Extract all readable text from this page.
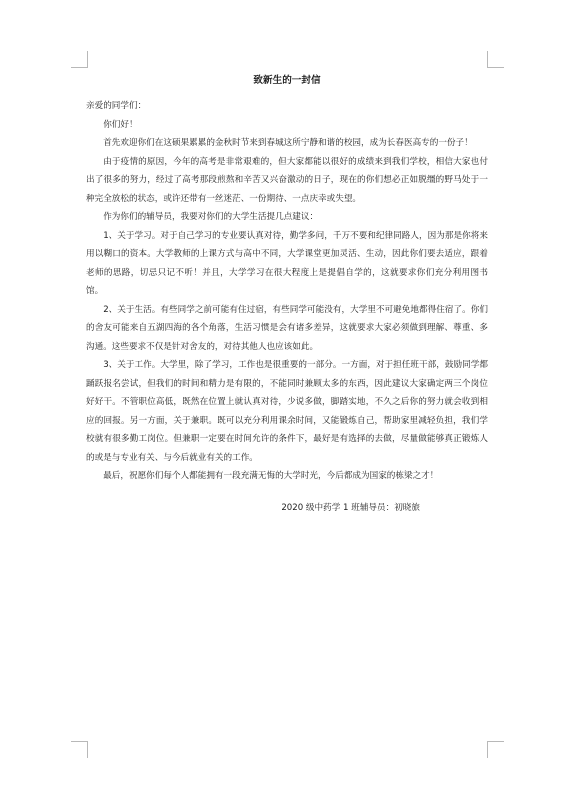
致新生的一封信

亲爱的同学们：

你们好！

首先欢迎你们在这硕果累累的金秋时节来到春城这所宁静和谐的校园，成为长春医高专的一份子！

由于疫情的原因，今年的高考是非常艰难的，但大家都能以很好的成绩来到我们学校，相信大家也付出了很多的努力，经过了高考那段煎熬和辛苦又兴奋激动的日子，现在的你们想必正如脱缰的野马处于一种完全放松的状态，或许还带有一丝迷茫、一份期待、一点庆幸或失望。

作为你们的辅导员，我要对你们的大学生活提几点建议：

1、关于学习。对于自己学习的专业要认真对待，勤学多问，千万不要和纪律同路人，因为那是你将来用以糊口的资本。大学教师的上课方式与高中不同，大学课堂更加灵活、生动，因此你们要去适应，跟着老师的思路，切忌只记不听！并且，大学学习在很大程度上是提倡自学的，这就要求你们充分利用图书馆。

2、关于生活。有些同学之前可能有住过宿，有些同学可能没有，大学里不可避免地都得住宿了。你们的舍友可能来自五湖四海的各个角落，生活习惯是会有诸多差异，这就要求大家必须做到理解、尊重、多沟通。这些要求不仅是针对舍友的，对待其他人也应该如此。

3、关于工作。大学里，除了学习，工作也是很重要的一部分。一方面，对于担任班干部，鼓励同学都踊跃报名尝试，但我们的时间和精力是有限的，不能同时兼顾太多的东西，因此建议大家确定两三个岗位好好干。不管职位高低，既然在位置上就认真对待，少说多做，脚踏实地，不久之后你的努力就会收到相应的回报。另一方面，关于兼职。既可以充分利用课余时间，又能锻炼自己，帮助家里减轻负担，我们学校就有很多勤工岗位。但兼职一定要在时间允许的条件下，最好是有选择的去做，尽量做能够真正锻炼人的或是与专业有关、与今后就业有关的工作。

最后，祝愿你们每个人都能拥有一段充满无悔的大学时光，今后都成为国家的栋梁之才！

2020 级中药学 1 班辅导员：初晓旅
